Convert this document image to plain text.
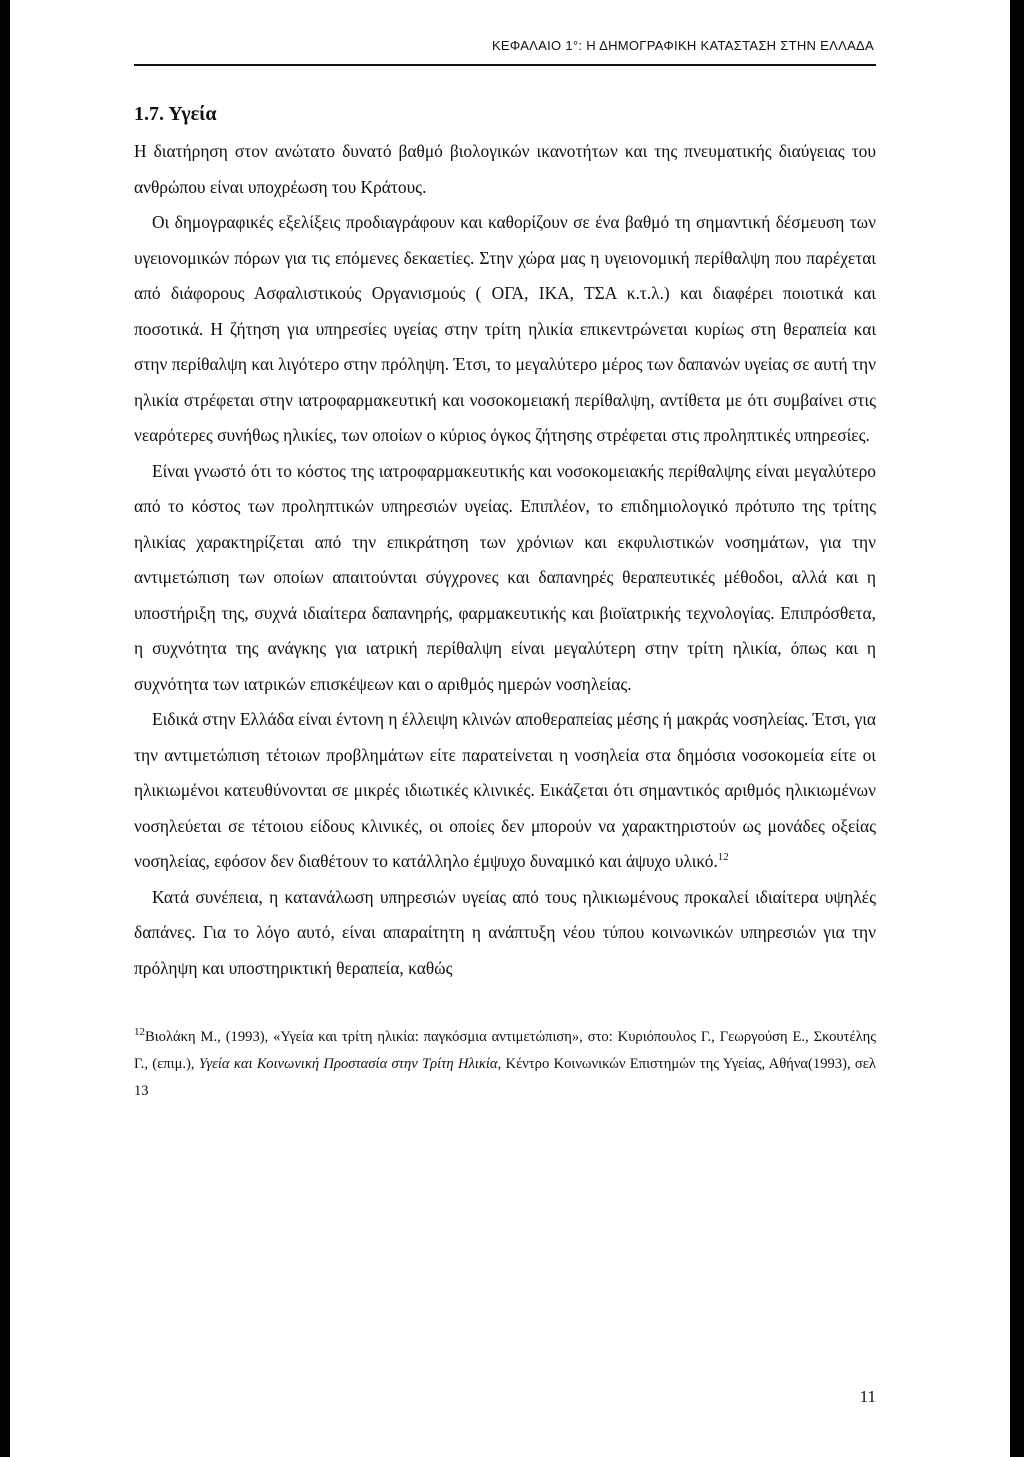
ΚΕΦΑΛΑΙΟ 1°: Η ΔΗΜΟΓΡΑΦΙΚΗ ΚΑΤΑΣΤΑΣΗ ΣΤΗΝ ΕΛΛΑΔΑ
1.7. Υγεία

Η διατήρηση στον ανώτατο δυνατό βαθμό βιολογικών ικανοτήτων και της πνευματικής διαύγειας του ανθρώπου είναι υποχρέωση του Κράτους.

Οι δημογραφικές εξελίξεις προδιαγράφουν και καθορίζουν σε ένα βαθμό τη σημαντική δέσμευση των υγειονομικών πόρων για τις επόμενες δεκαετίες. Στην χώρα μας η υγειονομική περίθαλψη που παρέχεται από διάφορους Ασφαλιστικούς Οργανισμούς ( ΟΓΑ, ΙΚΑ, ΤΣΑ κ.τ.λ.) και διαφέρει ποιοτικά και ποσοτικά. Η ζήτηση για υπηρεσίες υγείας στην τρίτη ηλικία επικεντρώνεται κυρίως στη θεραπεία και στην περίθαλψη και λιγότερο στην πρόληψη. Έτσι, το μεγαλύτερο μέρος των δαπανών υγείας σε αυτή την ηλικία στρέφεται στην ιατροφαρμακευτική και νοσοκομειακή περίθαλψη, αντίθετα με ότι συμβαίνει στις νεαρότερες συνήθως ηλικίες, των οποίων ο κύριος όγκος ζήτησης στρέφεται στις προληπτικές υπηρεσίες.

Είναι γνωστό ότι το κόστος της ιατροφαρμακευτικής και νοσοκομειακής περίθαλψης είναι μεγαλύτερο από το κόστος των προληπτικών υπηρεσιών υγείας. Επιπλέον, το επιδημιολογικό πρότυπο της τρίτης ηλικίας χαρακτηρίζεται από την επικράτηση των χρόνιων και εκφυλιστικών νοσημάτων, για την αντιμετώπιση των οποίων απαιτούνται σύγχρονες και δαπανηρές θεραπευτικές μέθοδοι, αλλά και η υποστήριξη της, συχνά ιδιαίτερα δαπανηρής, φαρμακευτικής και βιοϊατρικής τεχνολογίας. Επιπρόσθετα, η συχνότητα της ανάγκης για ιατρική περίθαλψη είναι μεγαλύτερη στην τρίτη ηλικία, όπως και η συχνότητα των ιατρικών επισκέψεων και ο αριθμός ημερών νοσηλείας.

Ειδικά στην Ελλάδα είναι έντονη η έλλειψη κλινών αποθεραπείας μέσης ή μακράς νοσηλείας. Έτσι, για την αντιμετώπιση τέτοιων προβλημάτων είτε παρατείνεται η νοσηλεία στα δημόσια νοσοκομεία είτε οι ηλικιωμένοι κατευθύνονται σε μικρές ιδιωτικές κλινικές. Εικάζεται ότι σημαντικός αριθμός ηλικιωμένων νοσηλεύεται σε τέτοιου είδους κλινικές, οι οποίες δεν μπορούν να χαρακτηριστούν ως μονάδες οξείας νοσηλείας, εφόσον δεν διαθέτουν το κατάλληλο έμψυχο δυναμικό και άψυχο υλικό.$^{12}$

Κατά συνέπεια, η κατανάλωση υπηρεσιών υγείας από τους ηλικιωμένους προκαλεί ιδιαίτερα υψηλές δαπάνες. Για το λόγο αυτό, είναι απαραίτητη η ανάπτυξη νέου τύπου κοινωνικών υπηρεσιών για την πρόληψη και υποστηρικτική θεραπεία, καθώς

$^{12}$Βιολάκη Μ., (1993), «Υγεία και τρίτη ηλικία: παγκόσμια αντιμετώπιση», στο: Κυριόπουλος Γ., Γεωργούση Ε., Σκουτέλης Γ., (επιμ.), Υγεία και Κοινωνική Προστασία στην Τρίτη Ηλικία, Κέντρο Κοινωνικών Επιστημών της Υγείας, Αθήνα(1993), σελ 13
11
